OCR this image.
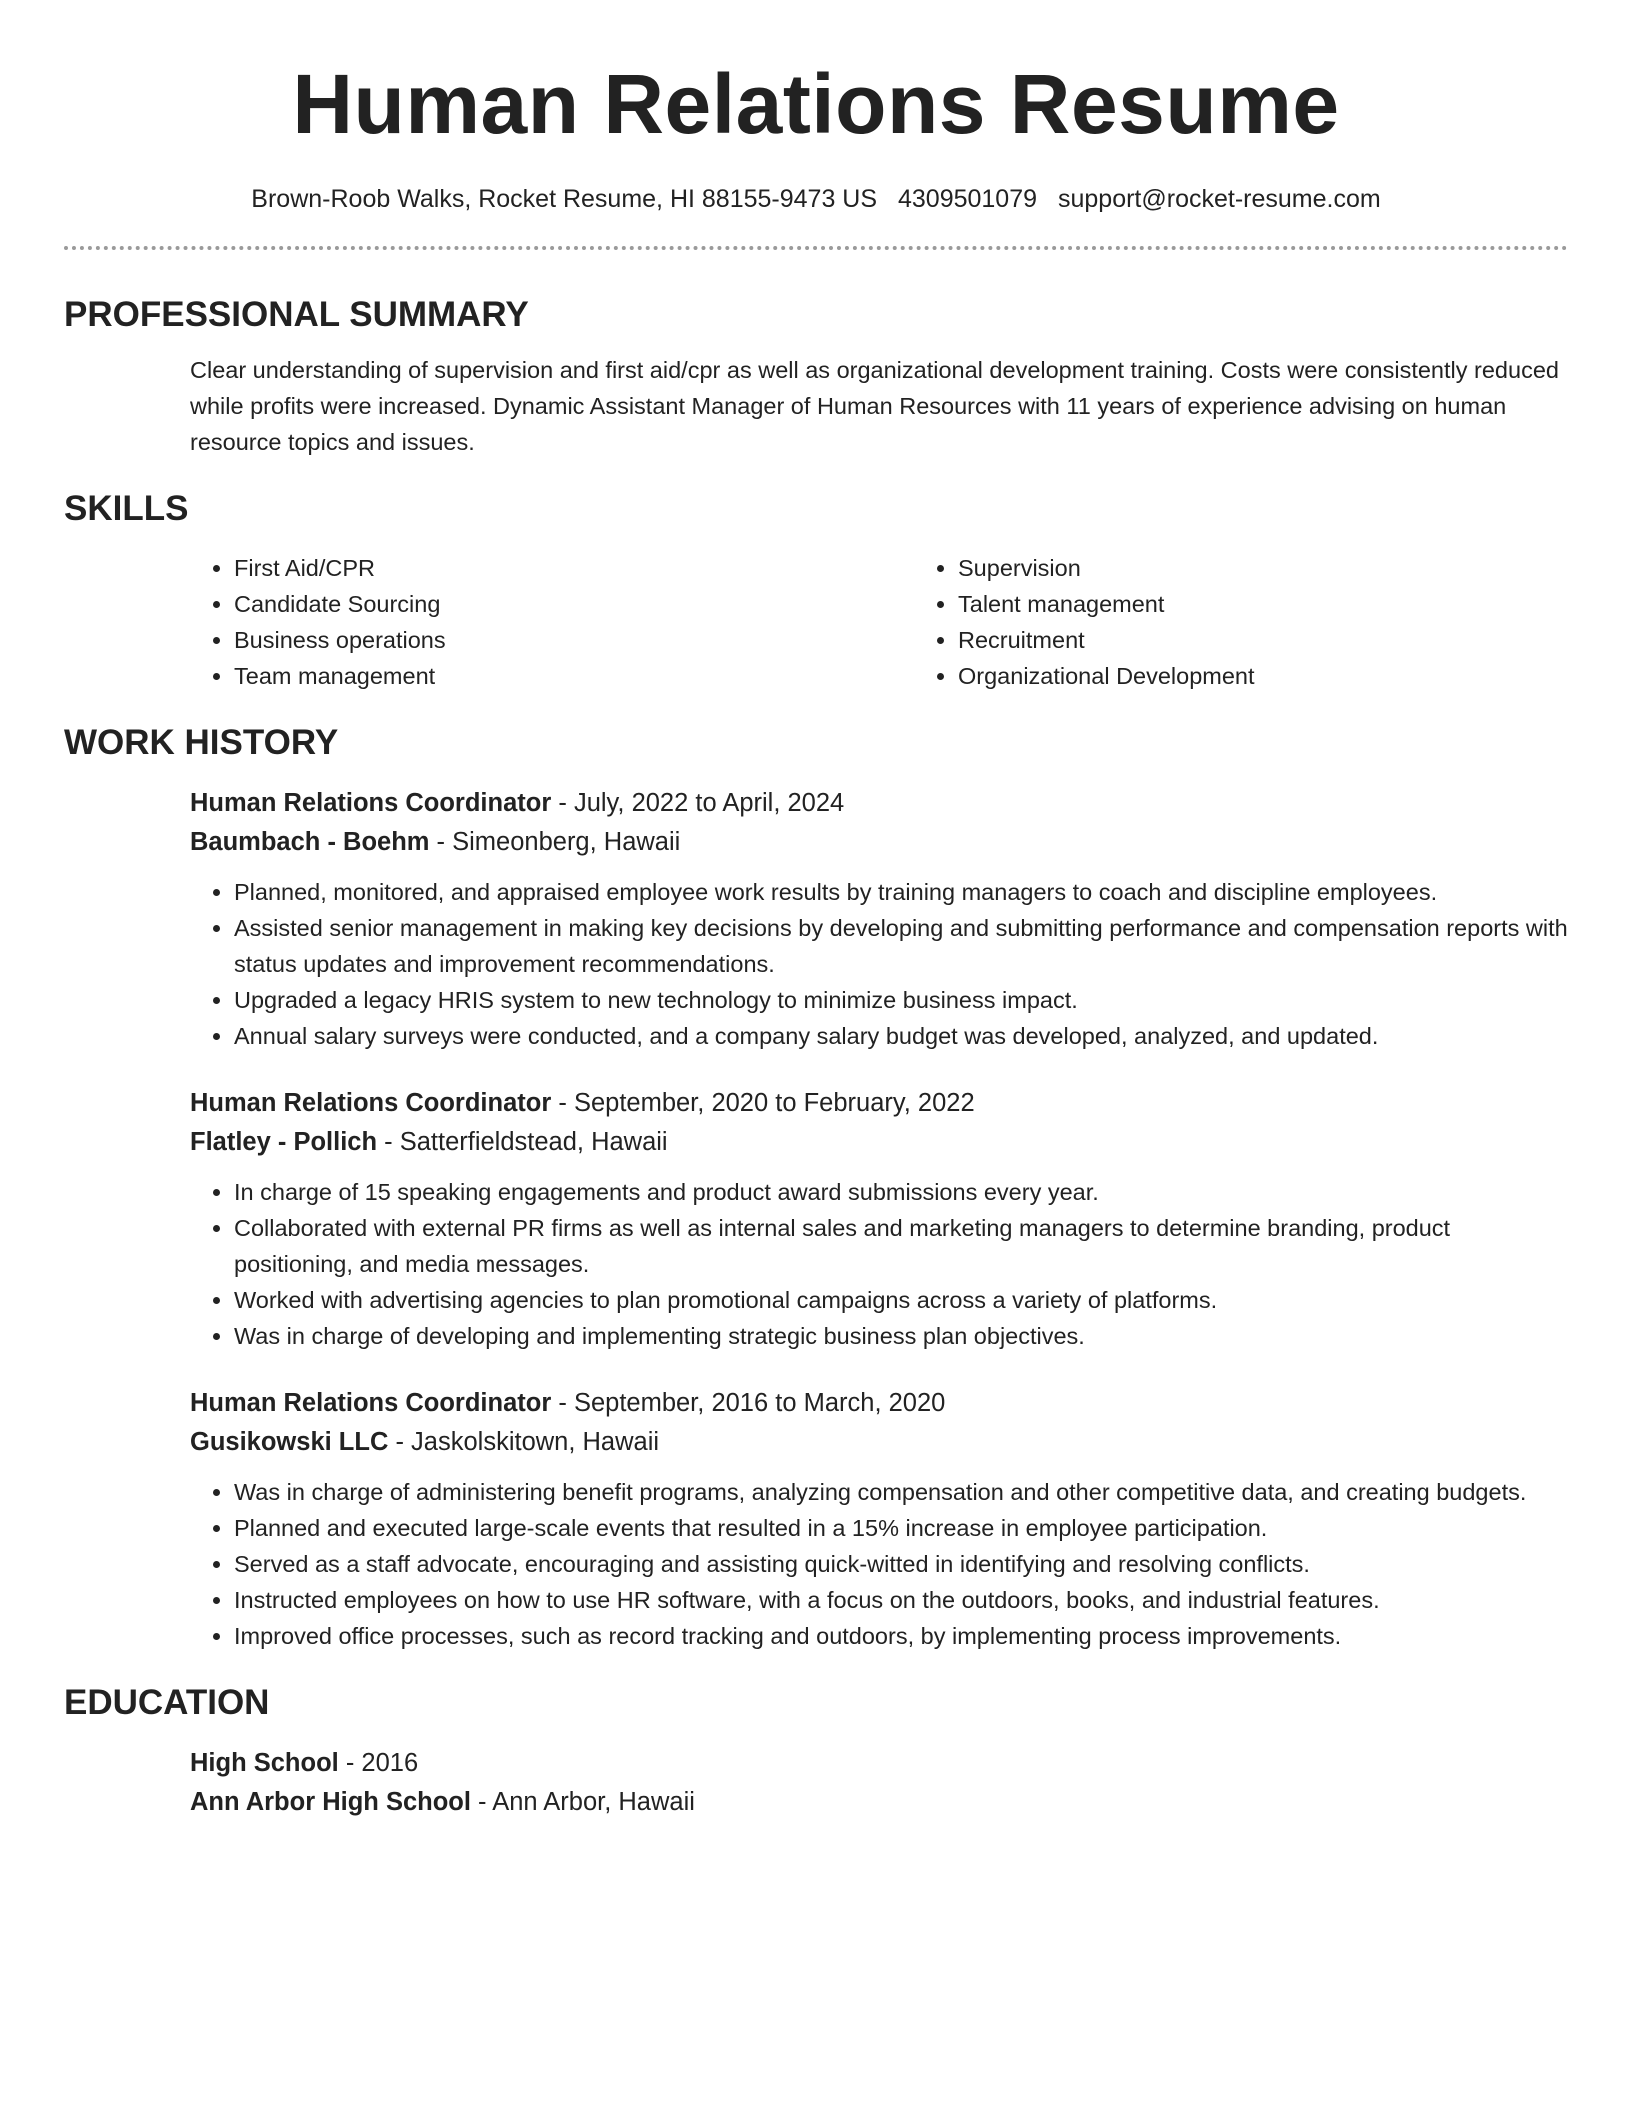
Human Relations Resume
Brown-Roob Walks, Rocket Resume, HI 88155-9473 US 4309501079 support@rocket-resume.com
PROFESSIONAL SUMMARY
Clear understanding of supervision and first aid/cpr as well as organizational development training. Costs were consistently reduced while profits were increased. Dynamic Assistant Manager of Human Resources with 11 years of experience advising on human resource topics and issues.
SKILLS
• First Aid/CPR
• Candidate Sourcing
• Business operations
• Team management
• Supervision
• Talent management
• Recruitment
• Organizational Development
WORK HISTORY
Human Relations Coordinator - July, 2022 to April, 2024
Baumbach - Boehm - Simeonberg, Hawaii
• Planned, monitored, and appraised employee work results by training managers to coach and discipline employees.
• Assisted senior management in making key decisions by developing and submitting performance and compensation reports with status updates and improvement recommendations.
• Upgraded a legacy HRIS system to new technology to minimize business impact.
• Annual salary surveys were conducted, and a company salary budget was developed, analyzed, and updated.
Human Relations Coordinator - September, 2020 to February, 2022
Flatley - Pollich - Satterfieldstead, Hawaii
• In charge of 15 speaking engagements and product award submissions every year.
• Collaborated with external PR firms as well as internal sales and marketing managers to determine branding, product positioning, and media messages.
• Worked with advertising agencies to plan promotional campaigns across a variety of platforms.
• Was in charge of developing and implementing strategic business plan objectives.
Human Relations Coordinator - September, 2016 to March, 2020
Gusikowski LLC - Jaskolskitown, Hawaii
• Was in charge of administering benefit programs, analyzing compensation and other competitive data, and creating budgets.
• Planned and executed large-scale events that resulted in a 15% increase in employee participation.
• Served as a staff advocate, encouraging and assisting quick-witted in identifying and resolving conflicts.
• Instructed employees on how to use HR software, with a focus on the outdoors, books, and industrial features.
• Improved office processes, such as record tracking and outdoors, by implementing process improvements.
EDUCATION
High School - 2016
Ann Arbor High School - Ann Arbor, Hawaii
